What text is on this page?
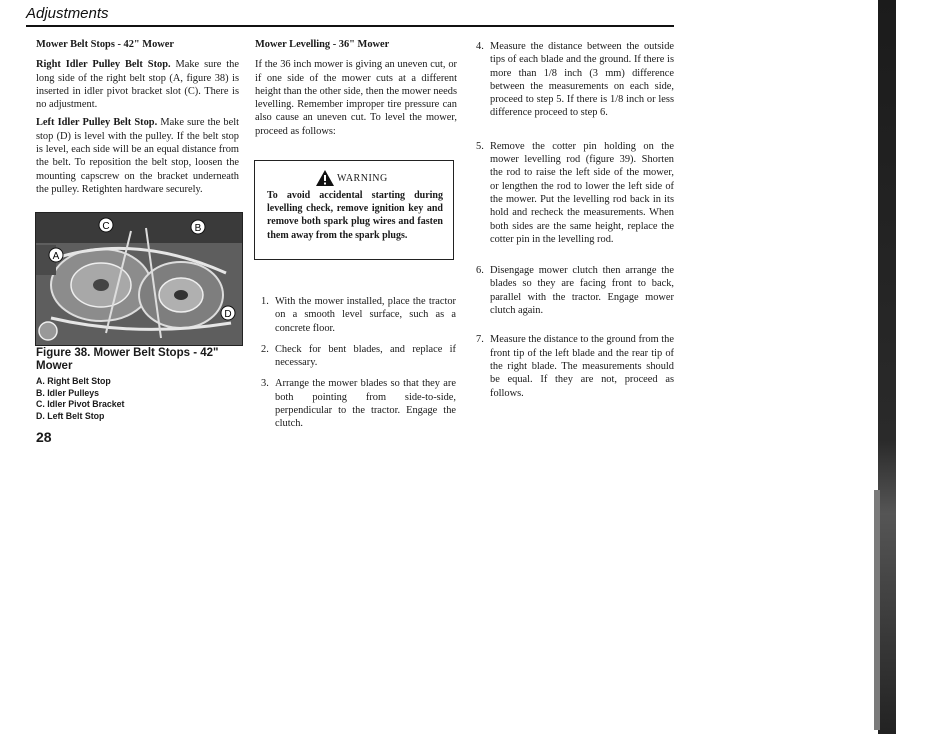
Adjustments

Mower Belt Stops - 42" Mower

Right Idler Pulley Belt Stop. Make sure the long side of the right belt stop (A, figure 38) is inserted in idler pivot bracket slot (C). There is no adjustment.

Left Idler Pulley Belt Stop. Make sure the belt stop (D) is level with the pulley. If the belt stop is level, each side will be an equal distance from the belt. To reposition the belt stop, loosen the mounting capscrew on the bracket underneath the pulley. Retighten hardware securely.

A
C	B
D
Figure 38. Mower Belt Stops - 42" Mower
A. Right Belt Stop
B. Idler Pulleys
C. Idler Pivot Bracket
D. Left Belt Stop
28

Mower Levelling - 36" Mower

If the 36 inch mower is giving an uneven cut, or if one side of the mower cuts at a different height than the other side, then the mower needs levelling. Remember improper tire pressure can also cause an uneven cut. To level the mower, proceed as follows:

WARNING
To avoid accidental starting during levelling check, remove ignition key and remove both spark plug wires and fasten them away from the spark plugs.
1. With the mower installed, place the tractor on a smooth level surface, such as a concrete floor.
2. Check for bent blades, and replace if necessary.
3. Arrange the mower blades so that they are both pointing from side-to-side, perpendicular to the tractor. Engage the clutch.
4. Measure the distance between the outside tips of each blade and the ground. If there is more than 1/8 inch (3 mm) difference between the measurements on each side, proceed to step 5. If there is 1/8 inch or less difference proceed to step 6.
5. Remove the cotter pin holding on the mower levelling rod (figure 39). Shorten the rod to raise the left side of the mower, or lengthen the rod to lower the left side of the mower. Put the levelling rod back in its hold and recheck the measurements. When both sides are the same height, replace the cotter pin in the levelling rod.
6. Disengage mower clutch then arrange the blades so they are facing front to back, parallel with the tractor. Engage mower clutch again.
7. Measure the distance to the ground from the front tip of the left blade and the rear tip of the right blade. The measurements should be equal. If they are not, proceed as follows.
